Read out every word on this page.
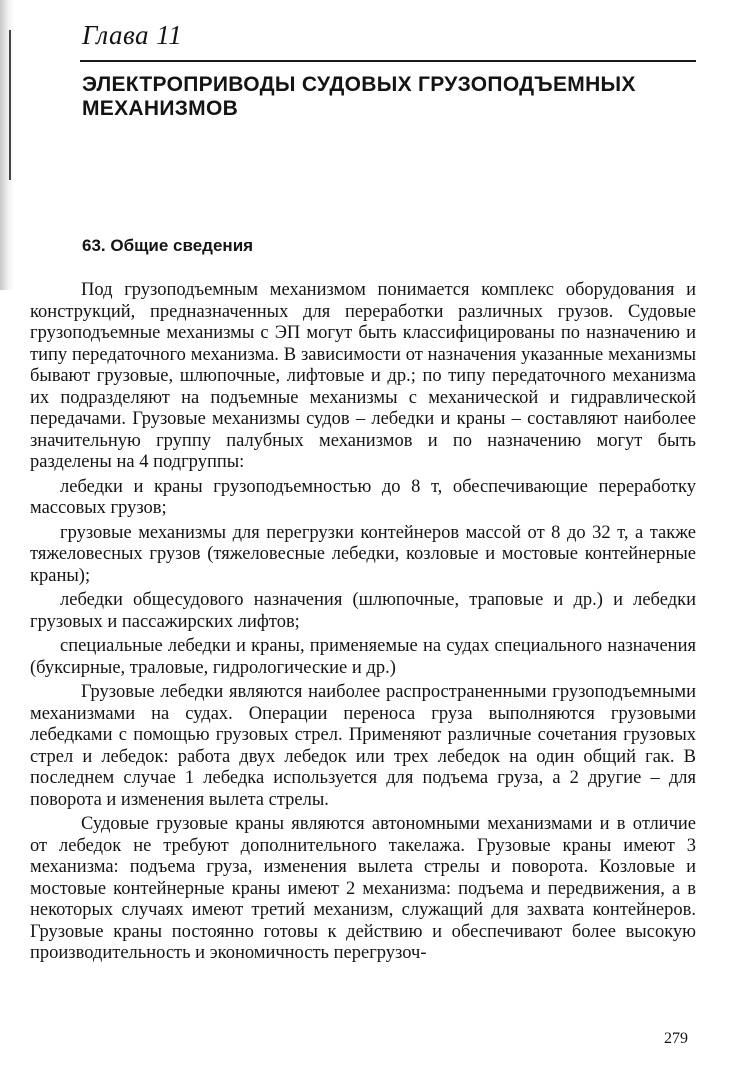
Глава 11
ЭЛЕКТРОПРИВОДЫ СУДОВЫХ ГРУЗОПОДЪЕМНЫХ
МЕХАНИЗМОВ
63. Общие сведения

Под грузоподъемным механизмом понимается комплекс оборудования и конструкций, предназначенных для переработки различных грузов. Судовые грузоподъемные механизмы с ЭП могут быть классифицированы по назначению и типу передаточного механизма. В зависимости от назначения указанные механизмы бывают грузовые, шлюпочные, лифтовые и др.; по типу передаточного механизма их подразделяют на подъемные механизмы с механической и гидравлической передачами. Грузовые механизмы судов – лебедки и краны – составляют наиболее значительную группу палубных механизмов и по назначению могут быть разделены на 4 подгруппы:

лебедки и краны грузоподъемностью до 8 т, обеспечивающие переработку массовых грузов;

грузовые механизмы для перегрузки контейнеров массой от 8 до 32 т, а также тяжеловесных грузов (тяжеловесные лебедки, козловые и мостовые контейнерные краны);

лебедки общесудового назначения (шлюпочные, траповые и др.) и лебедки грузовых и пассажирских лифтов;

специальные лебедки и краны, применяемые на судах специального назначения (буксирные, траловые, гидрологические и др.)

Грузовые лебедки являются наиболее распространенными грузоподъемными механизмами на судах. Операции переноса груза выполняются грузовыми лебедками с помощью грузовых стрел. Применяют различные сочетания грузовых стрел и лебедок: работа двух лебедок или трех лебедок на один общий гак. В последнем случае 1 лебедка используется для подъема груза, а 2 другие – для поворота и изменения вылета стрелы.

Судовые грузовые краны являются автономными механизмами и в отличие от лебедок не требуют дополнительного такелажа. Грузовые краны имеют 3 механизма: подъема груза, изменения вылета стрелы и поворота. Козловые и мостовые контейнерные краны имеют 2 механизма: подъема и передвижения, а в некоторых случаях имеют третий механизм, служащий для захвата контейнеров. Грузовые краны постоянно готовы к действию и обеспечивают более высокую производительность и экономичность перегрузоч-

279
